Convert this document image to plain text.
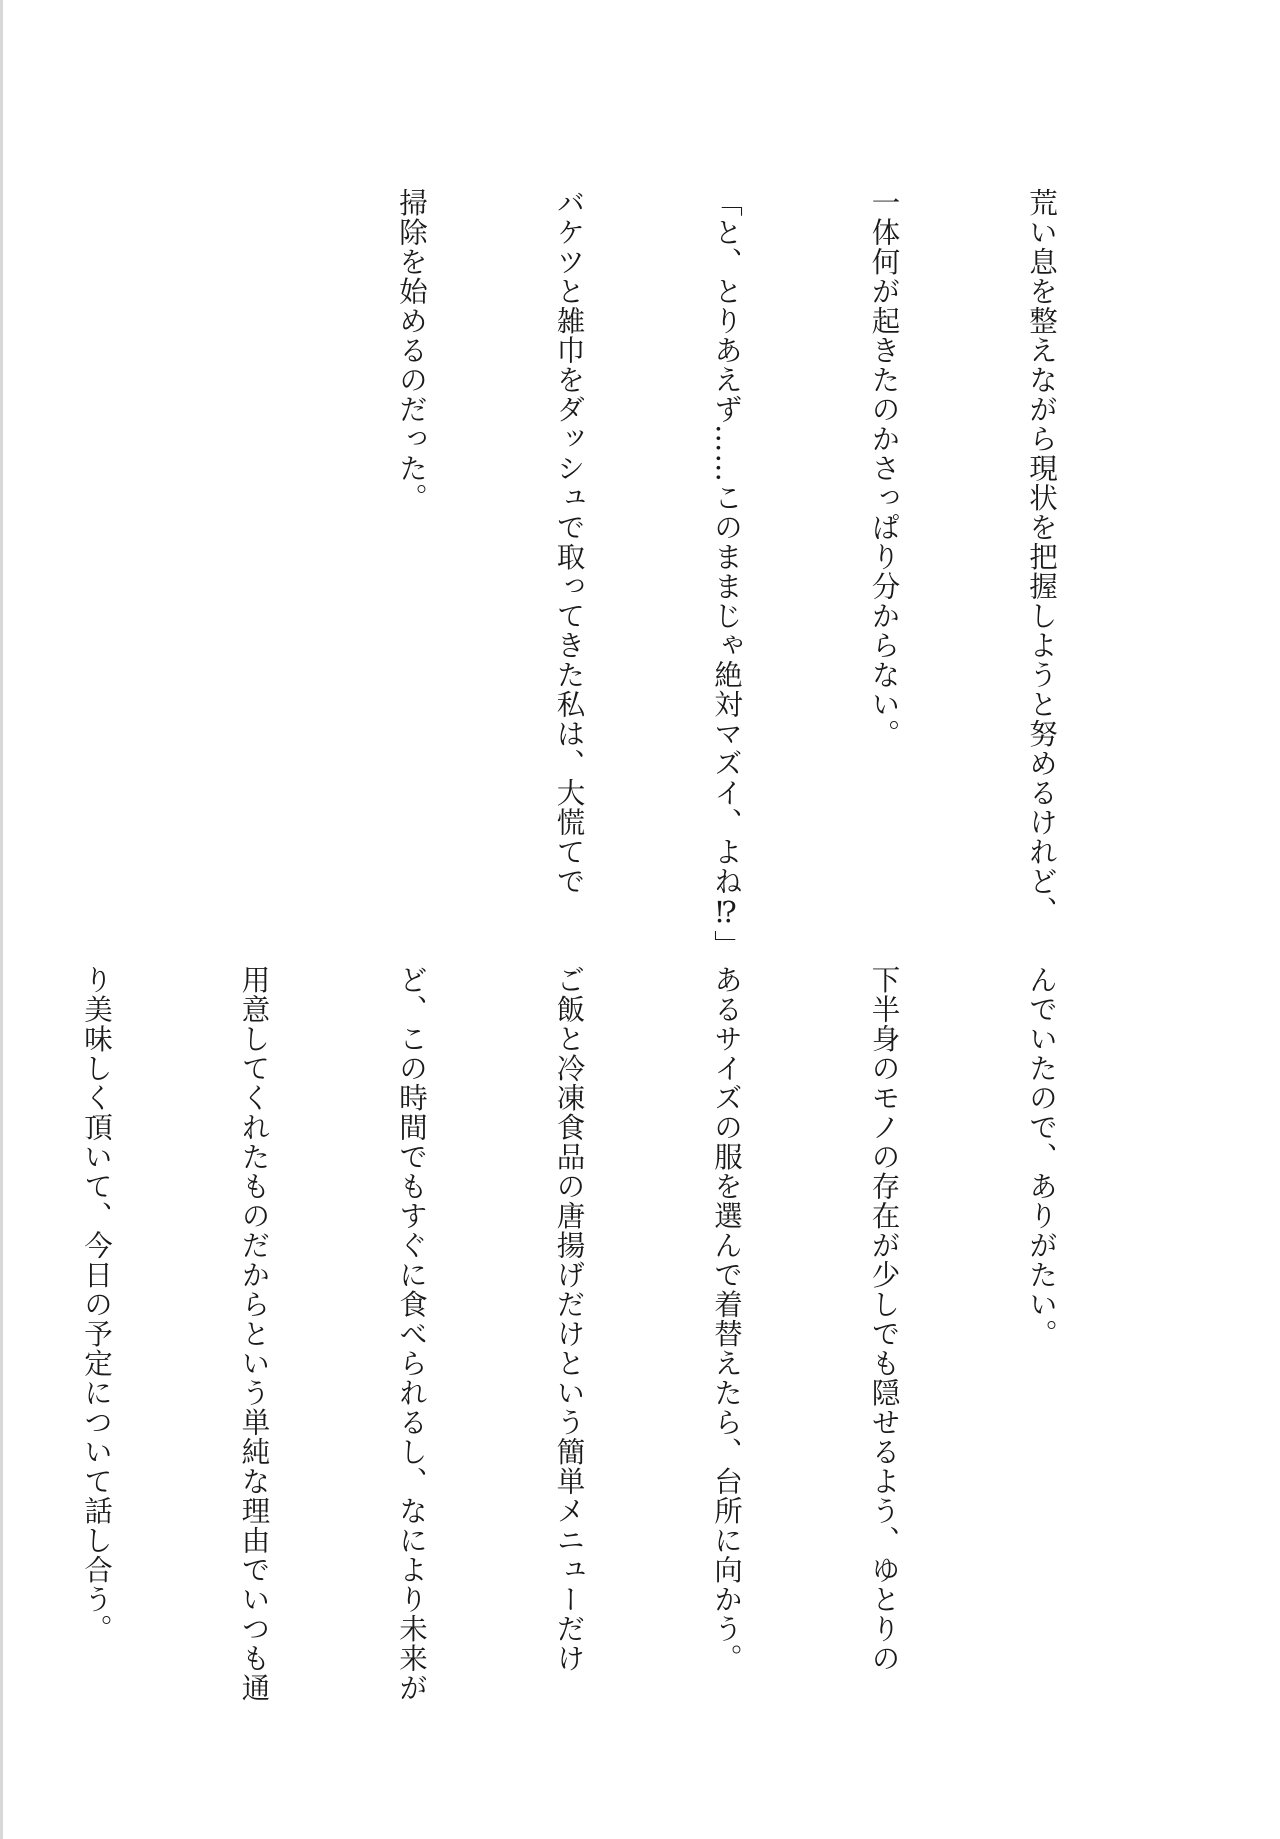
荒い息を整えながら現状を把握しようと努めるけれど、

一体何が起きたのかさっぱり分からない。

「と、とりあえず……このままじゃ絶対マズイ、よね⁉」

バケツと雑巾をダッシュで取ってきた私は、大慌てで

掃除を始めるのだった。

んでいたので、ありがたい。

下半身のモノの存在が少しでも隠せるよう、ゆとりの

あるサイズの服を選んで着替えたら、台所に向かう。

ご飯と冷凍食品の唐揚げだけという簡単メニューだけ

ど、この時間でもすぐに食べられるし、なにより未来が

用意してくれたものだからという単純な理由でいつも通

り美味しく頂いて、今日の予定について話し合う。
